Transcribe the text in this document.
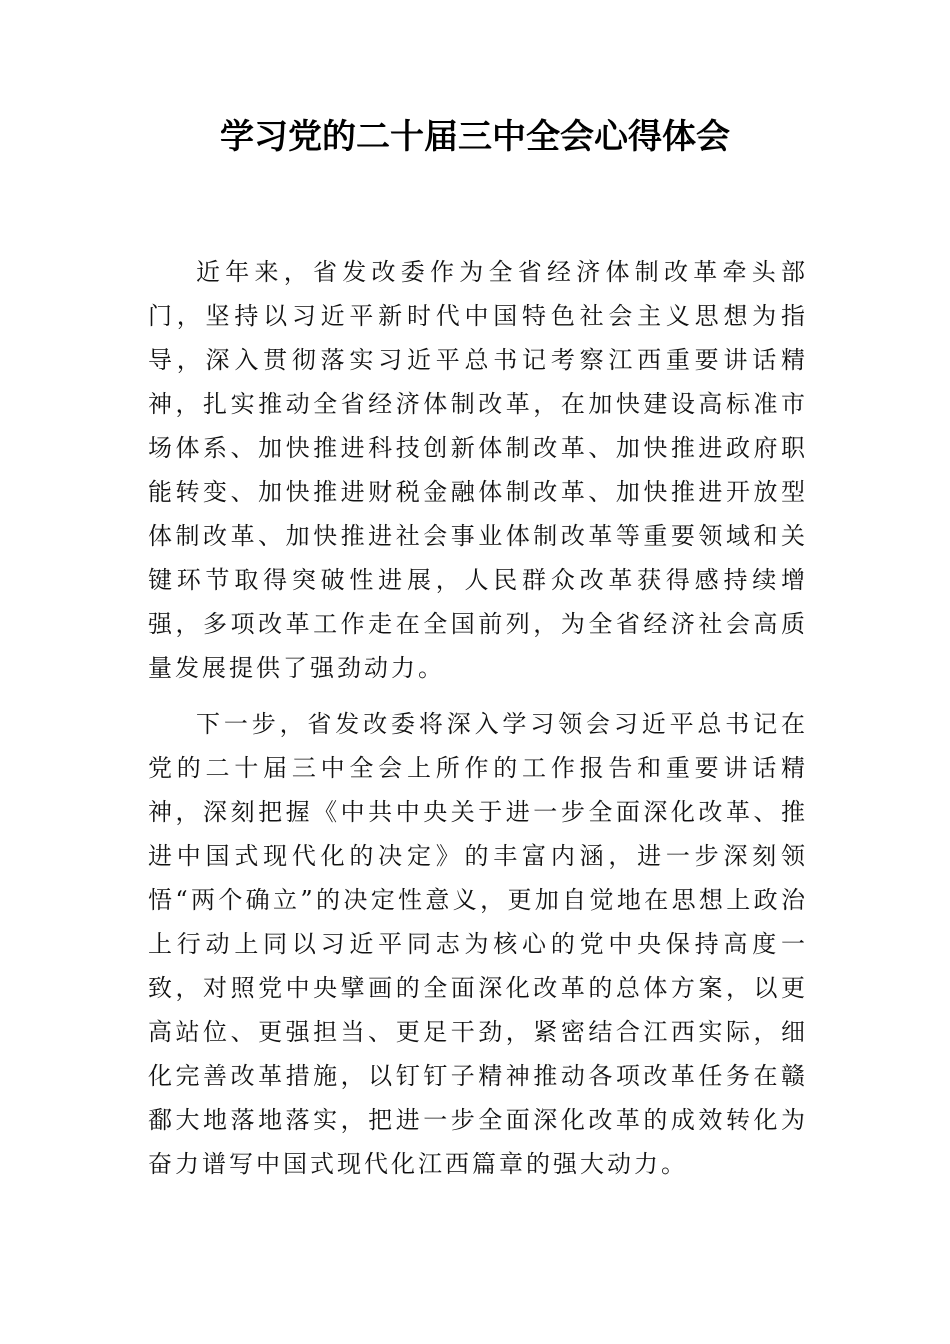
学习党的二十届三中全会心得体会

近年来，省发改委作为全省经济体制改革牵头部门，坚持以习近平新时代中国特色社会主义思想为指导，深入贯彻落实习近平总书记考察江西重要讲话精神，扎实推动全省经济体制改革，在加快建设高标准市场体系、加快推进科技创新体制改革、加快推进政府职能转变、加快推进财税金融体制改革、加快推进开放型体制改革、加快推进社会事业体制改革等重要领域和关键环节取得突破性进展，人民群众改革获得感持续增强，多项改革工作走在全国前列，为全省经济社会高质量发展提供了强劲动力。

下一步，省发改委将深入学习领会习近平总书记在党的二十届三中全会上所作的工作报告和重要讲话精神，深刻把握《中共中央关于进一步全面深化改革、推进中国式现代化的决定》的丰富内涵，进一步深刻领悟“两个确立”的决定性意义，更加自觉地在思想上政治上行动上同以习近平同志为核心的党中央保持高度一致，对照党中央擘画的全面深化改革的总体方案，以更高站位、更强担当、更足干劲，紧密结合江西实际，细化完善改革措施，以钉钉子精神推动各项改革任务在赣鄱大地落地落实，把进一步全面深化改革的成效转化为奋力谱写中国式现代化江西篇章的强大动力。
